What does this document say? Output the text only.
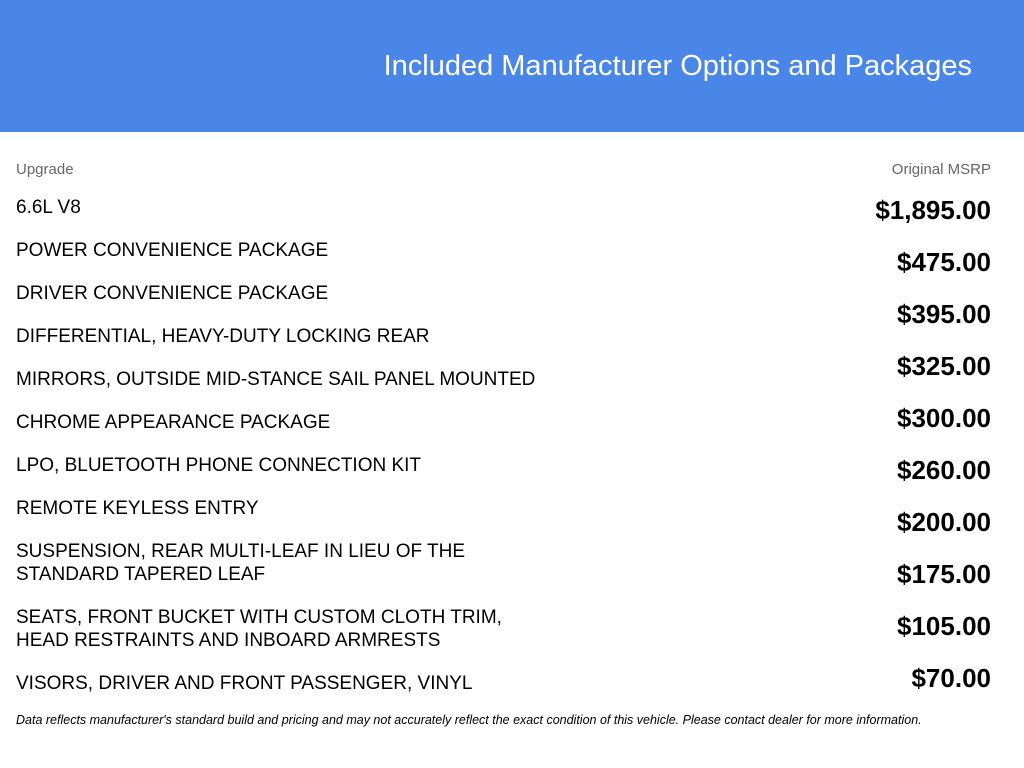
Included Manufacturer Options and Packages
Upgrade	Original MSRP
6.6L V8
POWER CONVENIENCE PACKAGE
DRIVER CONVENIENCE PACKAGE
DIFFERENTIAL, HEAVY-DUTY LOCKING REAR
MIRRORS, OUTSIDE MID-STANCE SAIL PANEL MOUNTED
CHROME APPEARANCE PACKAGE
LPO, BLUETOOTH PHONE CONNECTION KIT
REMOTE KEYLESS ENTRY
SUSPENSION, REAR MULTI-LEAF IN LIEU OF THE
STANDARD TAPERED LEAF
SEATS, FRONT BUCKET WITH CUSTOM CLOTH TRIM,
HEAD RESTRAINTS AND INBOARD ARMRESTS
VISORS, DRIVER AND FRONT PASSENGER, VINYL
$1,895.00
$475.00
$395.00
$325.00
$300.00
$260.00
$200.00
$175.00
$105.00
$70.00
Data reflects manufacturer's standard build and pricing and may not accurately reflect the exact condition of this vehicle. Please contact dealer for more information.
